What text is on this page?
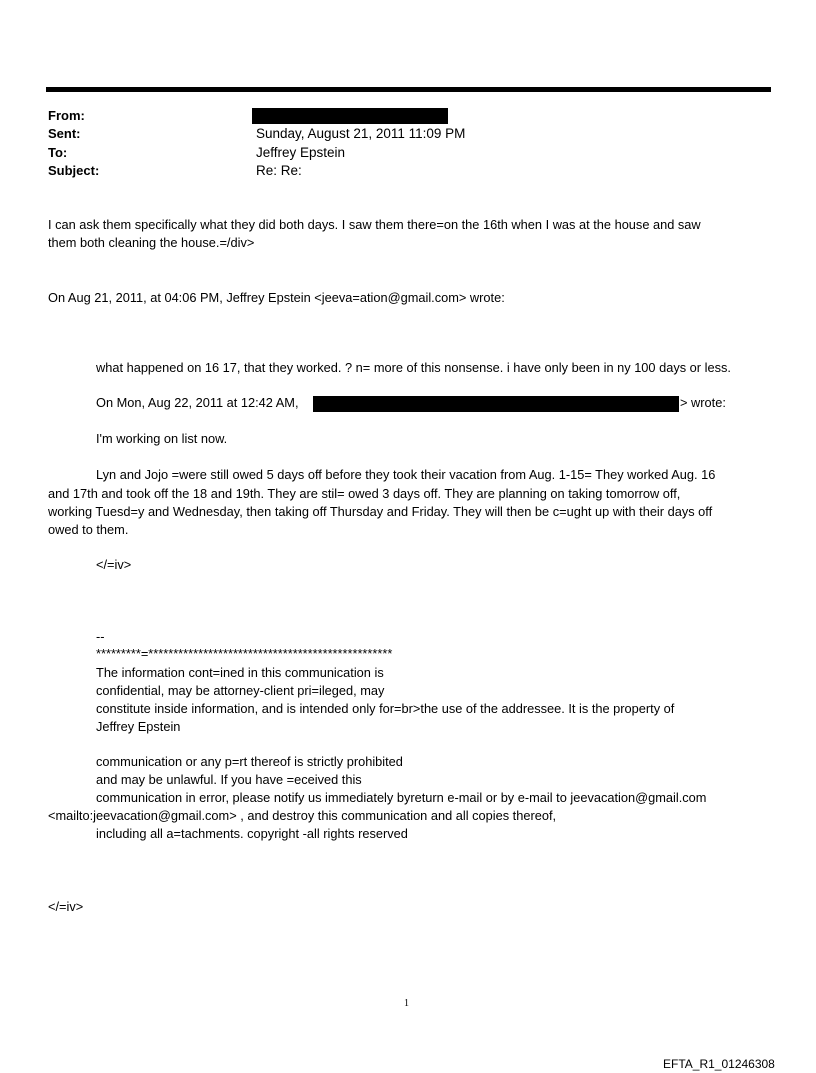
From:
Sent:	Sunday, August 21, 2011 11:09 PM
To:	Jeffrey Epstein
Subject:	Re: Re:
I can ask them specifically what they did both days. I saw them there=on the 16th when I was at the house and saw
them both cleaning the house.=/div>
On Aug 21, 2011, at 04:06 PM, Jeffrey Epstein <jeeva=ation@gmail.com> wrote:
what happened on 16 17, that they worked. ? n= more of this nonsense. i have only been in ny 100 days or less.
On Mon, Aug 22, 2011 at 12:42 AM,	> wrote:
I'm working on list now.
Lyn and Jojo =were still owed 5 days off before they took their vacation from Aug. 1-15= They worked Aug. 16
and 17th and took off the 18 and 19th. They are stil= owed 3 days off. They are planning on taking tomorrow off,
working Tuesd=y and Wednesday, then taking off Thursday and Friday. They will then be c=ught up with their days off
owed to them.
</=iv>
--
*********=*************************************************
The information cont=ined in this communication is
confidential, may be attorney-client pri=ileged, may
constitute inside information, and is intended only for=br>the use of the addressee. It is the property of
Jeffrey Epstein
communication or any p=rt thereof is strictly prohibited
and may be unlawful. If you have =eceived this
communication in error, please notify us immediately byreturn e-mail or by e-mail to jeevacation@gmail.com
<mailto:jeevacation@gmail.com> , and destroy this communication and all copies thereof,
including all a=tachments. copyright -all rights reserved
</=iv>
1
EFTA_R1_01246308
